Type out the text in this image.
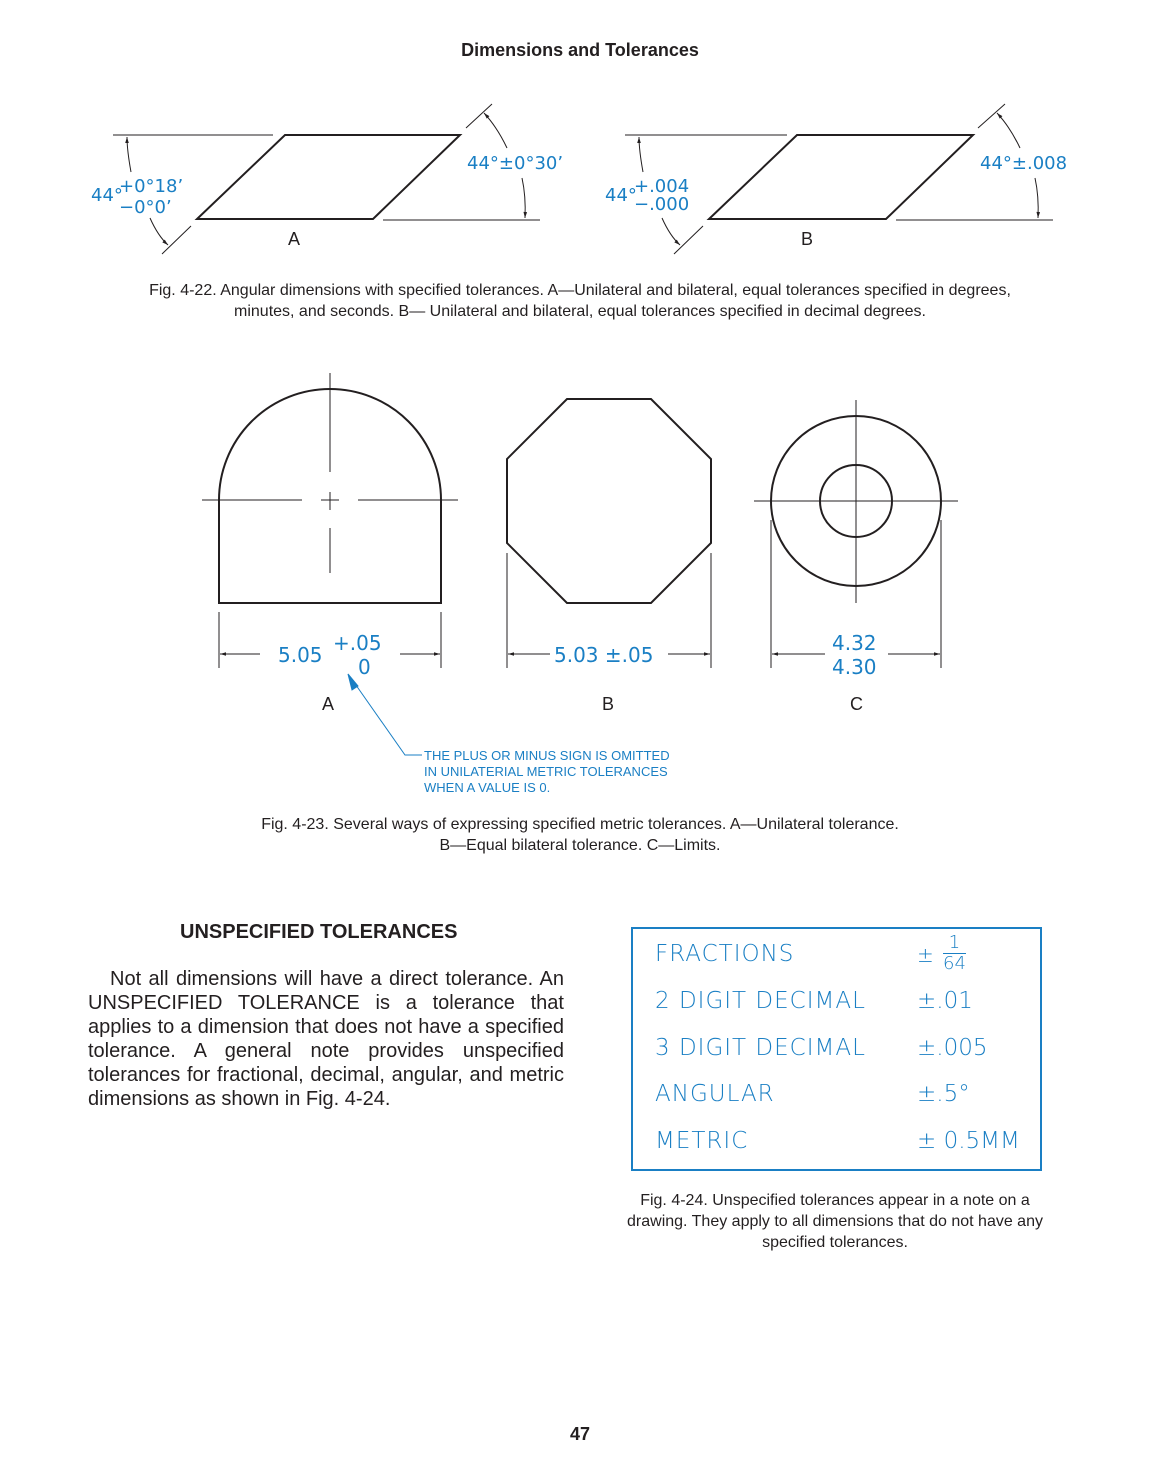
Dimensions and Tolerances
44°
+0°18’
−0°0’
44°±0°30’
44°
+.004
−.000
44°±.008
5.05 +.05
0	5.03 ±.05	4.32
4.30
A	B
A	B	C
Fig. 4-22. Angular dimensions with specified tolerances. A—Unilateral and bilateral, equal tolerances specified in degrees,
minutes, and seconds. B— Unilateral and bilateral, equal tolerances specified in decimal degrees.
THE PLUS OR MINUS SIGN IS OMITTED
IN UNILATERIAL METRIC TOLERANCES
WHEN A VALUE IS 0.
Fig. 4-23. Several ways of expressing specified metric tolerances. A—Unilateral tolerance.
B—Equal bilateral tolerance. C—Limits.
UNSPECIFIED TOLERANCES

Not all dimensions will have a direct tolerance. An UNSPECIFIED TOLERANCE is a tolerance that applies to a dimension that does not have a specified tolerance. A general note provides unspecified tolerances for fractional, decimal, angular, and metric dimensions as shown in Fig. 4-24.

FRACTIONS	± $\frac{1}{64}$
2 DIGIT DECIMAL ±.01
3 DIGIT DECIMAL ±.005
ANGULAR	±.5°
METRIC	± 0.5MM
Fig. 4-24. Unspecified tolerances appear in a note on a
drawing. They apply to all dimensions that do not have any
specified tolerances.
47
